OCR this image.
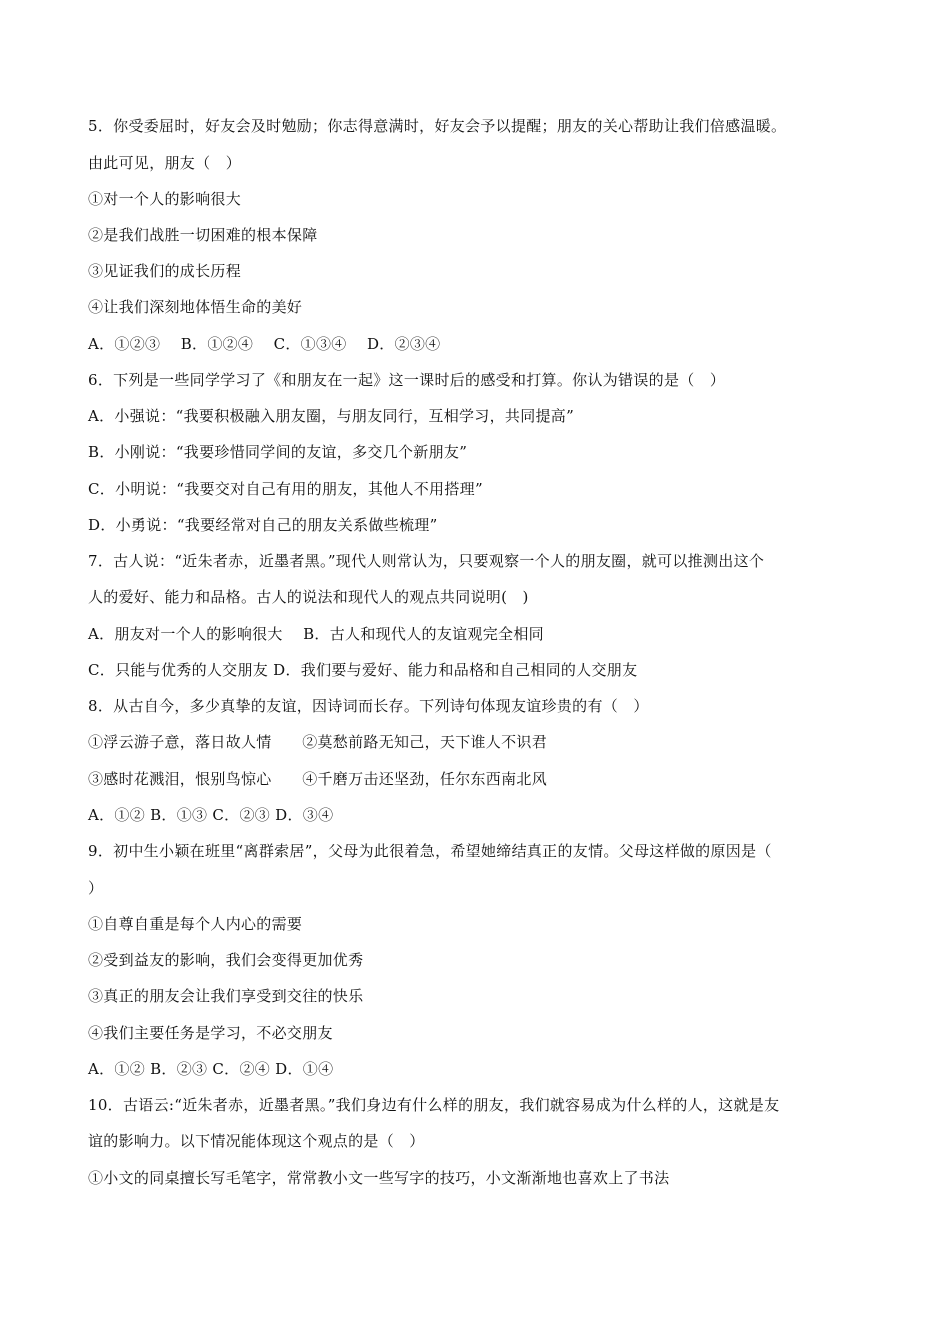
5．你受委屈时，好友会及时勉励；你志得意满时，好友会予以提醒；朋友的关心帮助让我们倍感温暖。
由此可见，朋友（　）
①对一个人的影响很大
②是我们战胜一切困难的根本保障
③见证我们的成长历程
④让我们深刻地体悟生命的美好
A．①②③　 B．①②④　 C．①③④　 D．②③④
6．下列是一些同学学习了《和朋友在一起》这一课时后的感受和打算。你认为错误的是（　）
A．小强说：“我要积极融入朋友圈，与朋友同行，互相学习，共同提高”
B．小刚说：“我要珍惜同学间的友谊，多交几个新朋友”
C．小明说：“我要交对自己有用的朋友，其他人不用搭理”
D．小勇说：“我要经常对自己的朋友关系做些梳理”
7．古人说：“近朱者赤，近墨者黑。”现代人则常认为，只要观察一个人的朋友圈，就可以推测出这个
人的爱好、能力和品格。古人的说法和现代人的观点共同说明(　)
A．朋友对一个人的影响很大　 B．古人和现代人的友谊观完全相同
C．只能与优秀的人交朋友 D．我们要与爱好、能力和品格和自己相同的人交朋友
8．从古自今，多少真挚的友谊，因诗词而长存。下列诗句体现友谊珍贵的有（　）
①浮云游子意，落日故人情　　②莫愁前路无知己，天下谁人不识君
③感时花溅泪，恨别鸟惊心　　④千磨万击还坚劲，任尔东西南北风
A．①② B．①③ C．②③ D．③④
9．初中生小颖在班里“离群索居”，父母为此很着急，希望她缔结真正的友情。父母这样做的原因是（
）
①自尊自重是每个人内心的需要
②受到益友的影响，我们会变得更加优秀
③真正的朋友会让我们享受到交往的快乐
④我们主要任务是学习，不必交朋友
A．①② B．②③ C．②④ D．①④
10．古语云:“近朱者赤，近墨者黑。”我们身边有什么样的朋友，我们就容易成为什么样的人，这就是友
谊的影响力。以下情况能体现这个观点的是（　）
①小文的同桌擅长写毛笔字，常常教小文一些写字的技巧，小文渐渐地也喜欢上了书法
